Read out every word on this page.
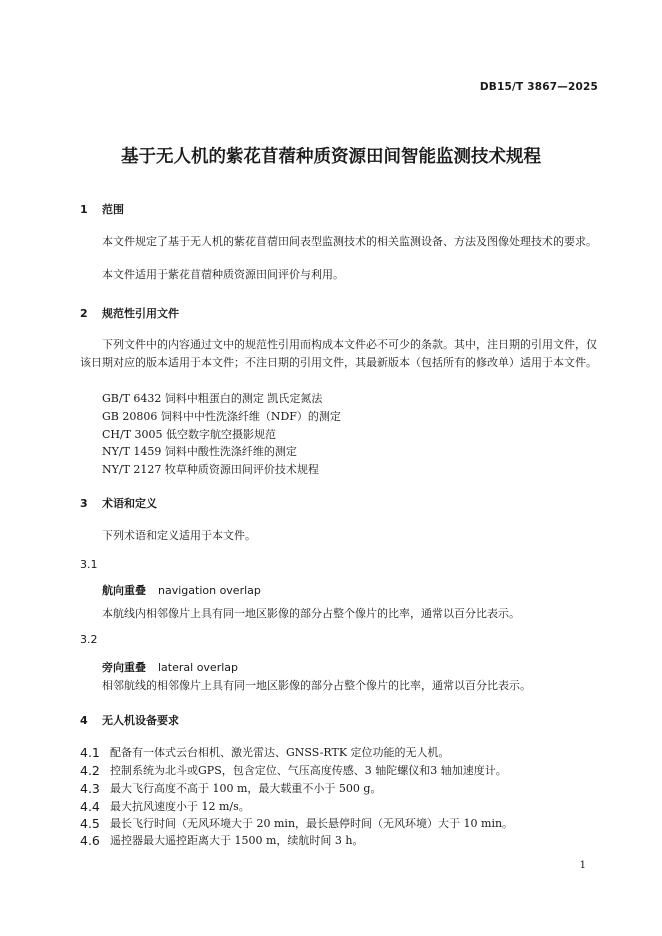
DB15/T 3867—2025
基于无人机的紫花苜蓿种质资源田间智能监测技术规程
1 范围
本文件规定了基于无人机的紫花苜蓿田间表型监测技术的相关监测设备、方法及图像处理技术的要求。
本文件适用于紫花苜蓿种质资源田间评价与利用。
2 规范性引用文件
下列文件中的内容通过文中的规范性引用而构成本文件必不可少的条款。其中，注日期的引用文件，仅该日期对应的版本适用于本文件；不注日期的引用文件，其最新版本（包括所有的修改单）适用于本文件。
GB/T 6432 饲料中粗蛋白的测定 凯氏定氮法
GB 20806 饲料中中性洗涤纤维（NDF）的测定
CH/T 3005 低空数字航空摄影规范
NY/T 1459 饲料中酸性洗涤纤维的测定
NY/T 2127 牧草种质资源田间评价技术规程
3 术语和定义
下列术语和定义适用于本文件。
3.1
航向重叠 navigation overlap
本航线内相邻像片上具有同一地区影像的部分占整个像片的比率，通常以百分比表示。
3.2
旁向重叠 lateral overlap
相邻航线的相邻像片上具有同一地区影像的部分占整个像片的比率，通常以百分比表示。
4 无人机设备要求
4.1 配备有一体式云台相机、激光雷达、GNSS-RTK 定位功能的无人机。
4.2 控制系统为北斗或GPS，包含定位、气压高度传感、3 轴陀螺仪和3 轴加速度计。
4.3 最大飞行高度不高于 100 m，最大载重不小于 500 g。
4.4 最大抗风速度小于 12 m/s。
4.5 最长飞行时间（无风环境大于 20 min，最长悬停时间（无风环境）大于 10 min。
4.6 遥控器最大遥控距离大于 1500 m，续航时间 3 h。
1
